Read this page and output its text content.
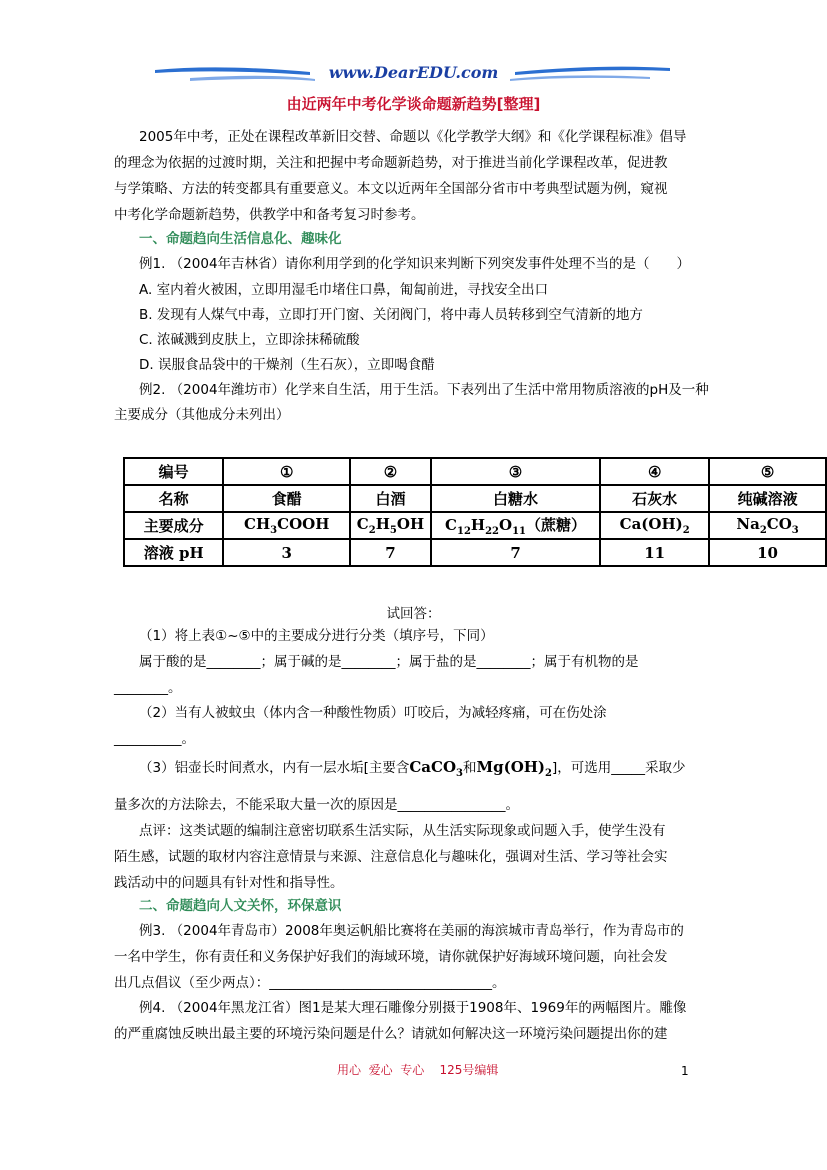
www.DearEDU.com
由近两年中考化学谈命题新趋势[整理]
2005年中考，正处在课程改革新旧交替、命题以《化学教学大纲》和《化学课程标准》倡导
的理念为依据的过渡时期，关注和把握中考命题新趋势，对于推进当前化学课程改革，促进教
与学策略、方法的转变都具有重要意义。本文以近两年全国部分省市中考典型试题为例，窥视
中考化学命题新趋势，供教学中和备考复习时参考。
一、命题趋向生活信息化、趣味化
例1. （2004年吉林省）请你利用学到的化学知识来判断下列突发事件处理不当的是（　　）
A. 室内着火被困，立即用湿毛巾堵住口鼻，匍匐前进，寻找安全出口
B. 发现有人煤气中毒，立即打开门窗、关闭阀门，将中毒人员转移到空气清新的地方
C. 浓碱溅到皮肤上，立即涂抹稀硫酸
D. 误服食品袋中的干燥剂（生石灰），立即喝食醋
例2. （2004年潍坊市）化学来自生活，用于生活。下表列出了生活中常用物质溶液的pH及一种
主要成分（其他成分未列出）
编号	①	②	③	④	⑤
名称	食醋	白酒	白糖水	石灰水	纯碱溶液
主要成分	$CH_3COOH$	$C_2H_5OH$	$C_{12}H_{22}O_{11}$（蔗糖）	$Ca(OH)_2$	$Na_2CO_3$
溶液 pH	3	7	7	11	10
试回答：
（1）将上表①~⑤中的主要成分进行分类（填序号，下同）
属于酸的是________；属于碱的是________；属于盐的是________；属于有机物的是
________。
（2）当有人被蚊虫（体内含一种酸性物质）叮咬后，为减轻疼痛，可在伤处涂
__________。
（3）铝壶长时间煮水，内有一层水垢[主要含CaCO$_3$和$Mg(OH)_2$]，可选用_____采取少
量多次的方法除去，不能采取大量一次的原因是________________。
点评：这类试题的编制注意密切联系生活实际，从生活实际现象或问题入手，使学生没有
陌生感，试题的取材内容注意情景与来源、注意信息化与趣味化，强调对生活、学习等社会实
践活动中的问题具有针对性和指导性。
二、命题趋向人文关怀，环保意识
例3. （2004年青岛市）2008年奥运帆船比赛将在美丽的海滨城市青岛举行，作为青岛市的
一名中学生，你有责任和义务保护好我们的海域环境，请你就保护好海域环境问题，向社会发
出几点倡议（至少两点）：_________________________________。
例4. （2004年黑龙江省）图1是某大理石雕像分别摄于1908年、1969年的两幅图片。雕像
的严重腐蚀反映出最主要的环境污染问题是什么？请就如何解决这一环境污染问题提出你的建
用心  爱心  专心    125号编辑	1
